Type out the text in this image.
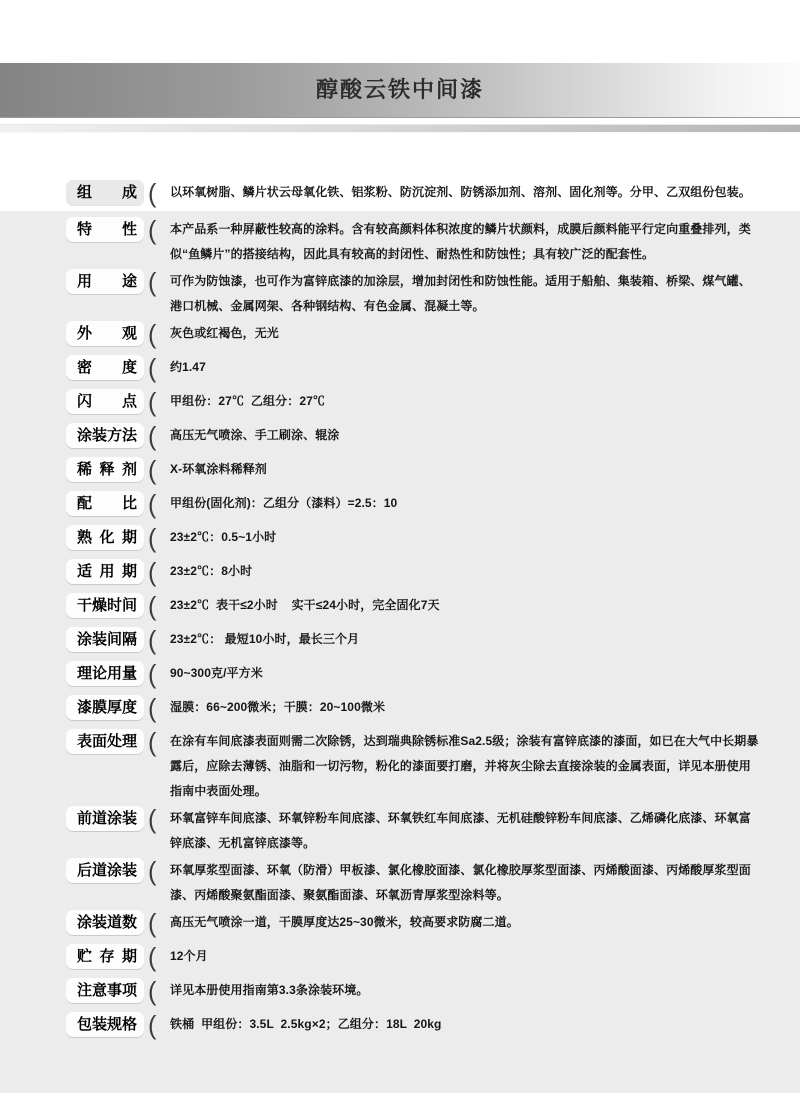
醇酸云铁中间漆
组成 (	以环氧树脂、鳞片状云母氧化铁、铝浆粉、防沉淀剂、防锈添加剂、溶剂、固化剂等。分甲、乙双组份包装。
特性 (	本产品系一种屏蔽性较高的涂料。含有较高颜料体积浓度的鳞片状颜料，成膜后颜料能平行定向重叠排列，类似“鱼鳞片”的搭接结构，因此具有较高的封闭性、耐热性和防蚀性；具有较广泛的配套性。
用途 (	可作为防蚀漆，也可作为富锌底漆的加涂层，增加封闭性和防蚀性能。适用于船舶、集装箱、桥梁、煤气罐、港口机械、金属网架、各种钢结构、有色金属、混凝土等。
外观 (	灰色或红褐色，无光
密度 (	约1.47
闪点 (	甲组份：27℃  乙组分：27℃
涂装方法 (	高压无气喷涂、手工刷涂、辊涂
稀释剂 (	X-环氧涂料稀释剂
配比 (	甲组份(固化剂)：乙组分（漆料）=2.5：10
熟化期 (	23±2℃：0.5~1小时
适用期 (	23±2℃：8小时
干燥时间 (	23±2℃  表干≤2小时    实干≤24小时，完全固化7天
涂装间隔 (	23±2℃： 最短10小时，最长三个月
理论用量 (	90~300克/平方米
漆膜厚度 (	湿膜：66~200微米；干膜：20~100微米
表面处理 (	在涂有车间底漆表面则需二次除锈，达到瑞典除锈标准Sa2.5级；涂装有富锌底漆的漆面，如已在大气中长期暴露后，应除去薄锈、油脂和一切污物，粉化的漆面要打磨，并将灰尘除去直接涂装的金属表面，详见本册使用指南中表面处理。
前道涂装 (	环氧富锌车间底漆、环氧锌粉车间底漆、环氧铁红车间底漆、无机硅酸锌粉车间底漆、乙烯磷化底漆、环氧富锌底漆、无机富锌底漆等。
后道涂装 (	环氧厚浆型面漆、环氧（防滑）甲板漆、氯化橡胶面漆、氯化橡胶厚浆型面漆、丙烯酸面漆、丙烯酸厚浆型面漆、丙烯酸聚氨酯面漆、聚氨酯面漆、环氧沥青厚浆型涂料等。
涂装道数 (	高压无气喷涂一道，干膜厚度达25~30微米，较高要求防腐二道。
贮存期 (	12个月
注意事项 (	详见本册使用指南第3.3条涂装环境。
包装规格 (	铁桶  甲组份：3.5L  2.5kg×2；乙组分：18L  20kg
